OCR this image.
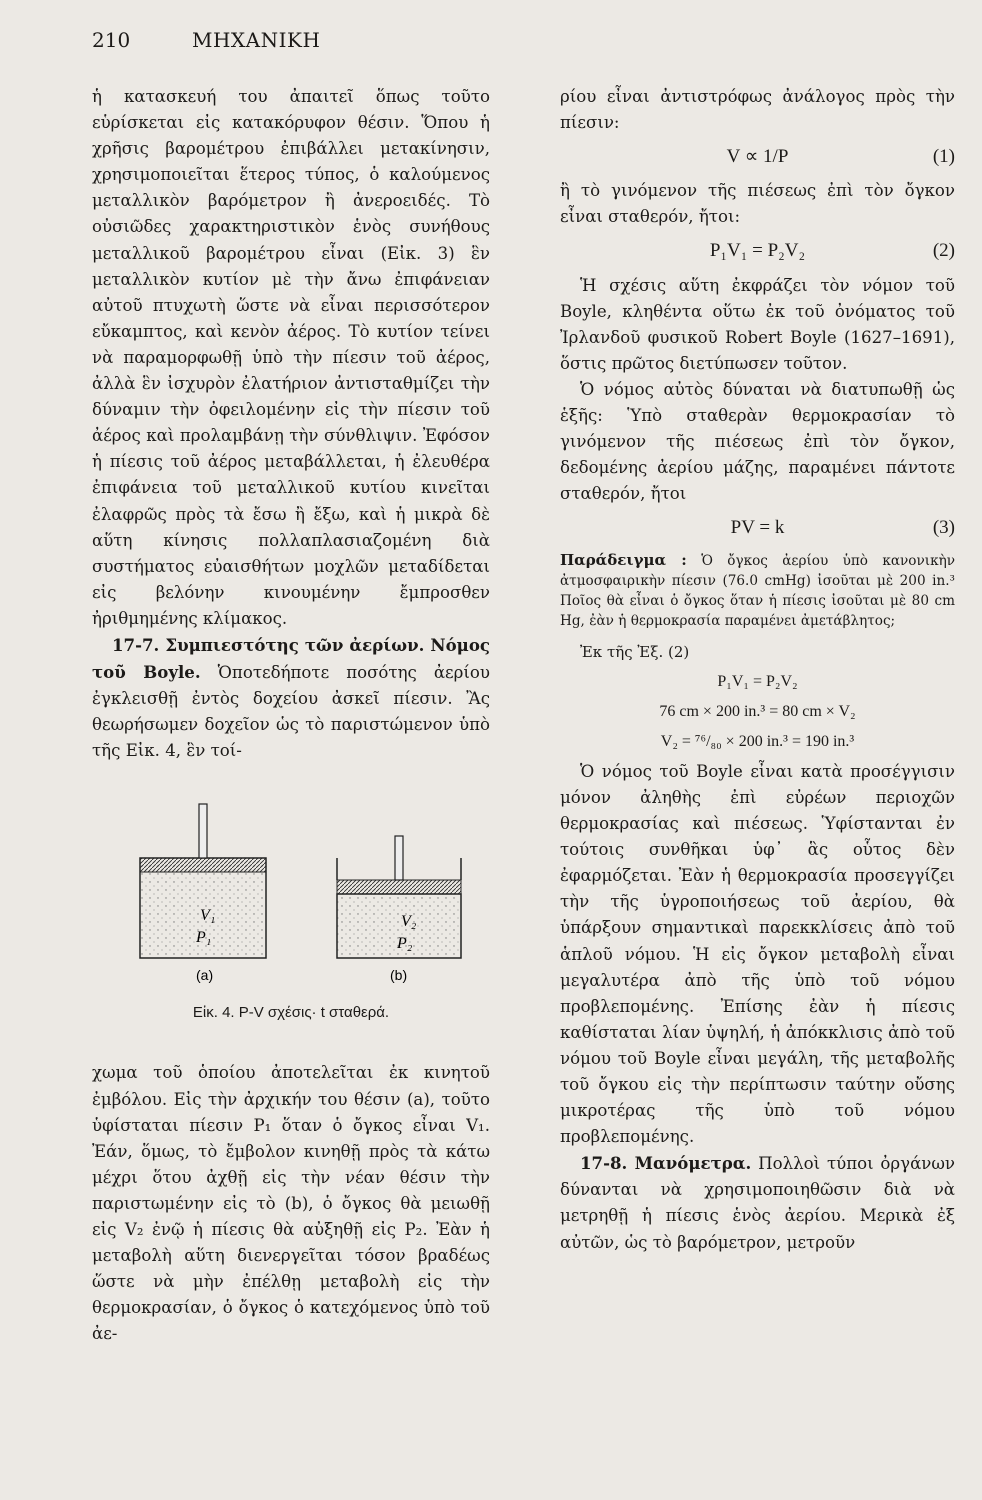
210	ΜΗΧΑΝΙΚΗ

ἡ κατασκευή του ἀπαιτεῖ ὅπως τοῦτο εὑρίσκεται εἰς κατακόρυφον θέσιν. Ὅπου ἡ χρῆσις βαρομέτρου ἐπιβάλλει μετακίνησιν, χρησιμοποιεῖται ἕτερος τύπος, ὁ καλούμενος μεταλλικὸν βαρόμετρον ἢ ἀνεροειδές. Τὸ οὐσιῶδες χαρακτηριστικὸν ἑνὸς συνήθους μεταλλικοῦ βαρομέτρου εἶναι (Εἰκ. 3) ἓν μεταλλικὸν κυτίον μὲ τὴν ἄνω ἐπιφάνειαν αὐτοῦ πτυχωτὴ ὥστε νὰ εἶναι περισσότερον εὔκαμπτος, καὶ κενὸν ἀέρος. Τὸ κυτίον τείνει νὰ παραμορφωθῇ ὑπὸ τὴν πίεσιν τοῦ ἀέρος, ἀλλὰ ἓν ἰσχυρὸν ἐλατήριον ἀντισταθμίζει τὴν δύναμιν τὴν ὀφειλομένην εἰς τὴν πίεσιν τοῦ ἀέρος καὶ προλαμβάνῃ τὴν σύνθλιψιν. Ἐφόσον ἡ πίεσις τοῦ ἀέρος μεταβάλλεται, ἡ ἐλευθέρα ἐπιφάνεια τοῦ μεταλλικοῦ κυτίου κινεῖται ἐλαφρῶς πρὸς τὰ ἔσω ἢ ἔξω, καὶ ἡ μικρὰ δὲ αὕτη κίνησις πολλαπλασιαζομένη διὰ συστήματος εὐαισθήτων μοχλῶν μεταδίδεται εἰς βελόνην κινουμένην ἔμπροσθεν ἠριθμημένης κλίμακος.

17-7. Συμπιεστότης τῶν ἀερίων. Νόμος τοῦ Boyle. Ὁποτεδήποτε ποσότης ἀερίου ἐγκλεισθῇ ἐντὸς δοχείου ἀσκεῖ πίεσιν. Ἂς θεωρήσωμεν δοχεῖον ὡς τὸ παριστώμενον ὑπὸ τῆς Εἰκ. 4, ἓν τοί-

V₁
P₁
(a)
V₂
P₂
(b)
Εἰκ. 4. P-V σχέσις· t σταθερά.

χωμα τοῦ ὁποίου ἀποτελεῖται ἐκ κινητοῦ ἐμβόλου. Εἰς τὴν ἀρχικήν του θέσιν (a), τοῦτο ὑφίσταται πίεσιν P₁ ὅταν ὁ ὄγκος εἶναι V₁. Ἐάν, ὅμως, τὸ ἔμβολον κινηθῇ πρὸς τὰ κάτω μέχρι ὅτου ἀχθῇ εἰς τὴν νέαν θέσιν τὴν παριστωμένην εἰς τὸ (b), ὁ ὄγκος θὰ μειωθῇ εἰς V₂ ἐνῷ ἡ πίεσις θὰ αὐξηθῇ εἰς P₂. Ἐὰν ἡ μεταβολὴ αὕτη διενεργεῖται τόσον βραδέως ὥστε νὰ μὴν ἐπέλθῃ μεταβολὴ εἰς τὴν θερμοκρασίαν, ὁ ὄγκος ὁ κατεχόμενος ὑπὸ τοῦ ἀε-

ρίου εἶναι ἀντιστρόφως ἀνάλογος πρὸς τὴν πίεσιν:

V ∝ 1/P	(1)

ἢ τὸ γινόμενον τῆς πιέσεως ἐπὶ τὸν ὄγκον εἶναι σταθερόν, ἤτοι:

P₁V₁ = P₂V₂	(2)

Ἡ σχέσις αὕτη ἐκφράζει τὸν νόμον τοῦ Boyle, κληθέντα οὕτω ἐκ τοῦ ὀνόματος τοῦ Ἰρλανδοῦ φυσικοῦ Robert Boyle (1627–1691), ὅστις πρῶτος διετύπωσεν τοῦτον.

Ὁ νόμος αὐτὸς δύναται νὰ διατυπωθῇ ὡς ἑξῆς: Ὑπὸ σταθερὰν θερμοκρασίαν τὸ γινόμενον τῆς πιέσεως ἐπὶ τὸν ὄγκον, δεδομένης ἀερίου μάζης, παραμένει πάντοτε σταθερόν, ἤτοι

PV = k	(3)
Παράδειγμα : Ὁ ὄγκος ἀερίου ὑπὸ κανονικὴν ἀτμοσφαιρικὴν πίεσιν (76.0 cmHg) ἰσοῦται μὲ 200 in.³ Ποῖος θὰ εἶναι ὁ ὄγκος ὅταν ἡ πίεσις ἰσοῦται μὲ 80 cm Hg, ἐὰν ἡ θερμοκρασία παραμένει ἀμετάβλητος;

Ἐκ τῆς Ἐξ. (2)

P₁V₁ = P₂V₂
76 cm × 200 in.³ = 80 cm × V₂
V₂ = ⁷⁶/₈₀ × 200 in.³ = 190 in.³

Ὁ νόμος τοῦ Boyle εἶναι κατὰ προσέγγισιν μόνον ἀληθὴς ἐπὶ εὐρέων περιοχῶν θερμοκρασίας καὶ πιέσεως. Ὑφίστανται ἐν τούτοις συνθῆκαι ὑφ᾿ ἃς οὗτος δὲν ἐφαρμόζεται. Ἐὰν ἡ θερμοκρασία προσεγγίζει τὴν τῆς ὑγροποιήσεως τοῦ ἀερίου, θὰ ὑπάρξουν σημαντικαὶ παρεκκλίσεις ἀπὸ τοῦ ἁπλοῦ νόμου. Ἡ εἰς ὄγκον μεταβολὴ εἶναι μεγαλυτέρα ἀπὸ τῆς ὑπὸ τοῦ νόμου προβλεπομένης. Ἐπίσης ἐὰν ἡ πίεσις καθίσταται λίαν ὑψηλή, ἡ ἀπόκκλισις ἀπὸ τοῦ νόμου τοῦ Boyle εἶναι μεγάλη, τῆς μεταβολῆς τοῦ ὄγκου εἰς τὴν περίπτωσιν ταύτην οὔσης μικροτέρας τῆς ὑπὸ τοῦ νόμου προβλεπομένης.

17-8. Μανόμετρα. Πολλοὶ τύποι ὀργάνων δύνανται νὰ χρησιμοποιηθῶσιν διὰ νὰ μετρηθῇ ἡ πίεσις ἑνὸς ἀερίου. Μερικὰ ἐξ αὐτῶν, ὡς τὸ βαρόμετρον, μετροῦν
